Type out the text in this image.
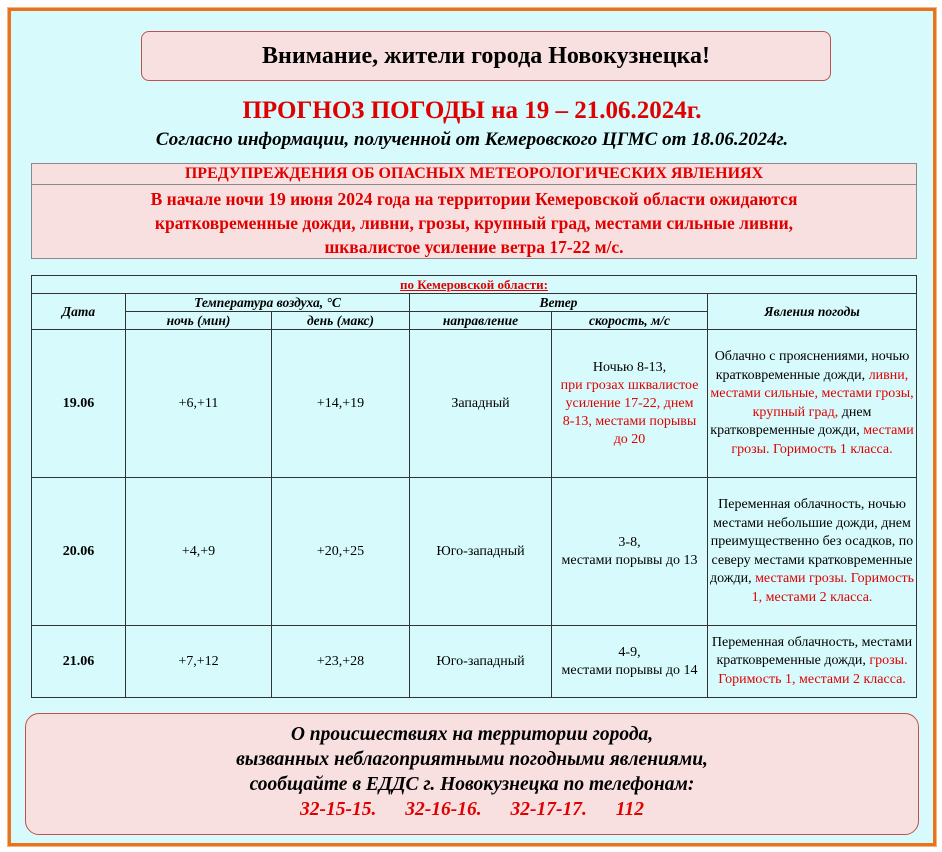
Внимание, жители города Новокузнецка!
ПРОГНОЗ ПОГОДЫ на 19 – 21.06.2024г.
Согласно информации, полученной от Кемеровского ЦГМС от 18.06.2024г.
ПРЕДУПРЕЖДЕНИЯ ОБ ОПАСНЫХ МЕТЕОРОЛОГИЧЕСКИХ ЯВЛЕНИЯХ
В начале ночи 19 июня 2024 года на территории Кемеровской области ожидаются
кратковременные дожди, ливни, грозы, крупный град, местами сильные ливни,
шквалистое усиление ветра 17-22 м/с.
по Кемеровской области:					
Дата	Температура воздуха, °С		Ветер		Явления погоды
	ночь (мин)	день (макс)	направление	скорость, м/с	
19.06	+6,+11	+14,+19	Западный	Ночью 8-13,
при грозах шквалистое усиление 17-22, днем 8-13, местами порывы до 20	Облачно с прояснениями, ночью кратковременные дожди, ливни, местами сильные, местами грозы, крупный град, днем кратковременные дожди, местами грозы. Горимость 1 класса.
20.06	+4,+9	+20,+25	Юго-западный	3-8,
местами порывы до 13	Переменная облачность, ночью местами небольшие дожди, днем преимущественно без осадков, по северу местами кратковременные дожди, местами грозы. Горимость 1, местами 2 класса.
21.06	+7,+12	+23,+28	Юго-западный	4-9,
местами порывы до 14	Переменная облачность, местами кратковременные дожди, грозы. Горимость 1, местами 2 класса.
О происшествиях на территории города,
вызванных неблагоприятными погодными явлениями,
сообщайте в ЕДДС г. Новокузнецка по телефонам:
32-15-15. 32-16-16. 32-17-17. 112
